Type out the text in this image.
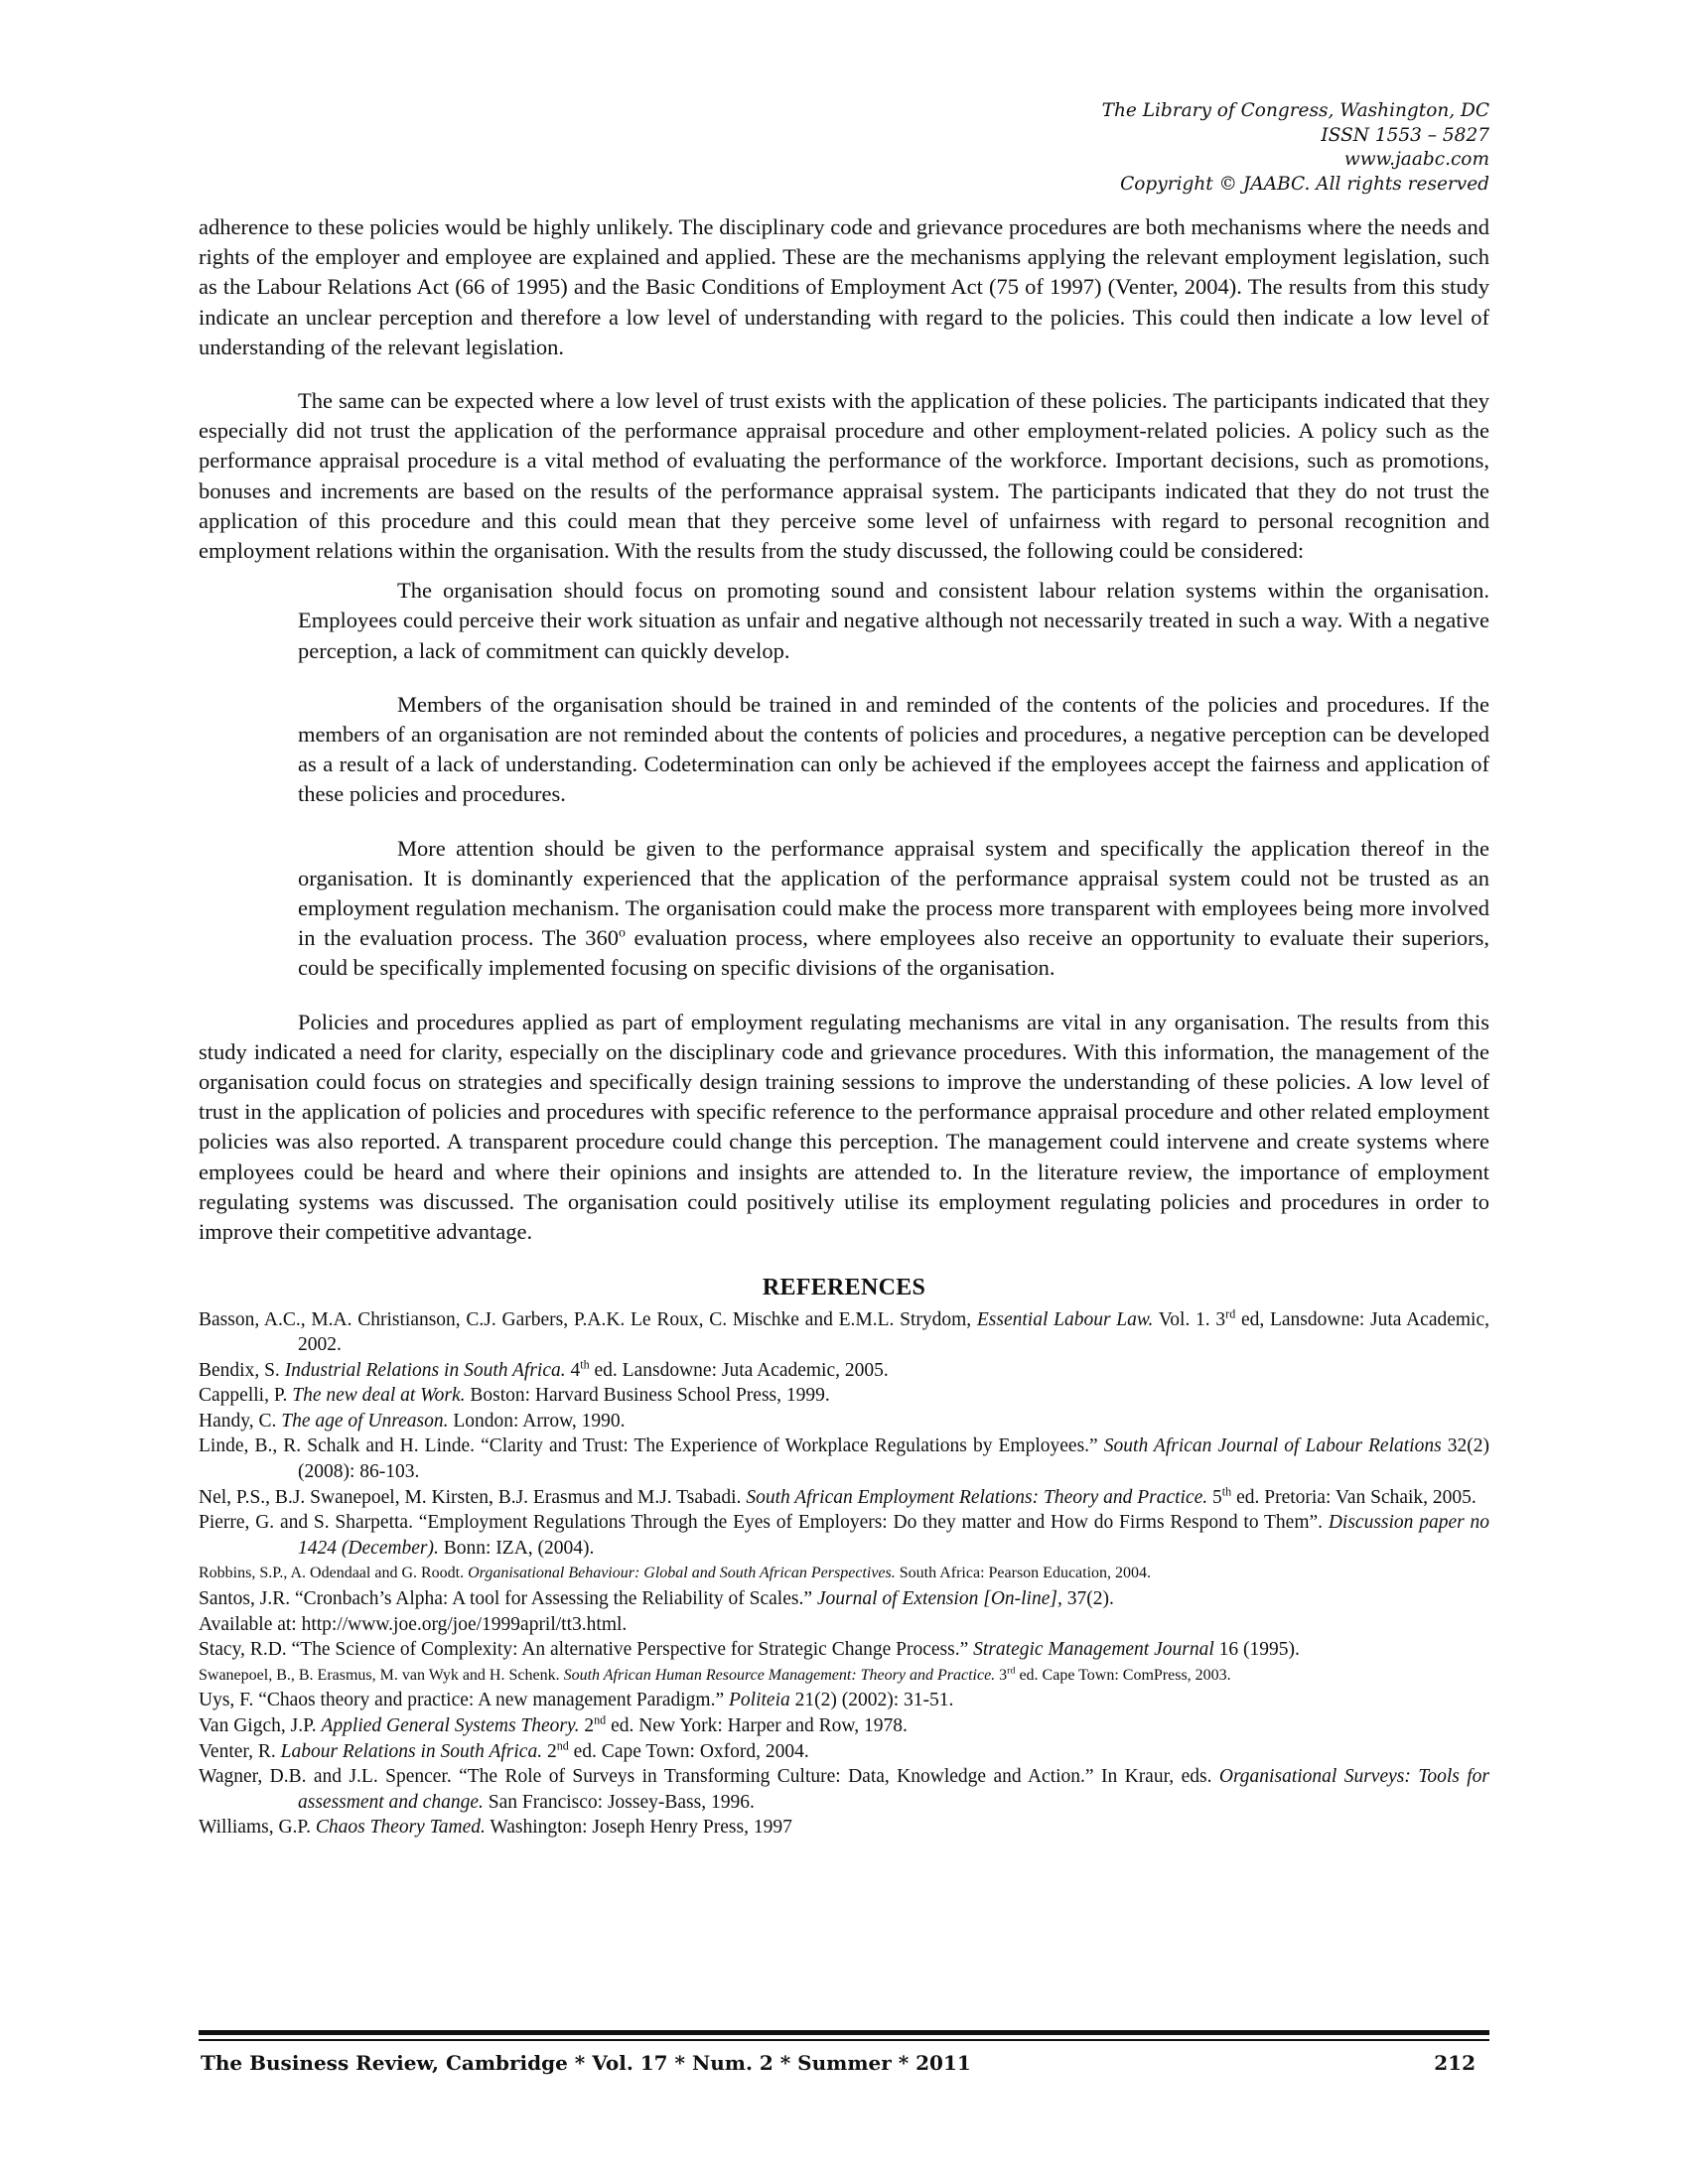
The Library of Congress, Washington, DC
ISSN 1553 – 5827
www.jaabc.com
Copyright © JAABC. All rights reserved

adherence to these policies would be highly unlikely. The disciplinary code and grievance procedures are both mechanisms where the needs and rights of the employer and employee are explained and applied. These are the mechanisms applying the relevant employment legislation, such as the Labour Relations Act (66 of 1995) and the Basic Conditions of Employment Act (75 of 1997) (Venter, 2004). The results from this study indicate an unclear perception and therefore a low level of understanding with regard to the policies. This could then indicate a low level of understanding of the relevant legislation.

The same can be expected where a low level of trust exists with the application of these policies. The participants indicated that they especially did not trust the application of the performance appraisal procedure and other employment-related policies. A policy such as the performance appraisal procedure is a vital method of evaluating the performance of the workforce. Important decisions, such as promotions, bonuses and increments are based on the results of the performance appraisal system. The participants indicated that they do not trust the application of this procedure and this could mean that they perceive some level of unfairness with regard to personal recognition and employment relations within the organisation. With the results from the study discussed, the following could be considered:

The organisation should focus on promoting sound and consistent labour relation systems within the organisation. Employees could perceive their work situation as unfair and negative although not necessarily treated in such a way. With a negative perception, a lack of commitment can quickly develop.

Members of the organisation should be trained in and reminded of the contents of the policies and procedures. If the members of an organisation are not reminded about the contents of policies and procedures, a negative perception can be developed as a result of a lack of understanding. Codetermination can only be achieved if the employees accept the fairness and application of these policies and procedures.

More attention should be given to the performance appraisal system and specifically the application thereof in the organisation. It is dominantly experienced that the application of the performance appraisal system could not be trusted as an employment regulation mechanism. The organisation could make the process more transparent with employees being more involved in the evaluation process. The 360$^o$ evaluation process, where employees also receive an opportunity to evaluate their superiors, could be specifically implemented focusing on specific divisions of the organisation.

Policies and procedures applied as part of employment regulating mechanisms are vital in any organisation. The results from this study indicated a need for clarity, especially on the disciplinary code and grievance procedures. With this information, the management of the organisation could focus on strategies and specifically design training sessions to improve the understanding of these policies. A low level of trust in the application of policies and procedures with specific reference to the performance appraisal procedure and other related employment policies was also reported. A transparent procedure could change this perception. The management could intervene and create systems where employees could be heard and where their opinions and insights are attended to. In the literature review, the importance of employment regulating systems was discussed. The organisation could positively utilise its employment regulating policies and procedures in order to improve their competitive advantage.

REFERENCES
Basson, A.C., M.A. Christianson, C.J. Garbers, P.A.K. Le Roux, C. Mischke and E.M.L. Strydom, Essential Labour Law. Vol. 1. 3rd ed, Lansdowne: Juta Academic, 2002.
Bendix, S. Industrial Relations in South Africa. 4th ed. Lansdowne: Juta Academic, 2005.
Cappelli, P. The new deal at Work. Boston: Harvard Business School Press, 1999.
Handy, C. The age of Unreason. London: Arrow, 1990.
Linde, B., R. Schalk and H. Linde. “Clarity and Trust: The Experience of Workplace Regulations by Employees.” South African Journal of Labour Relations 32(2) (2008): 86-103.
Nel, P.S., B.J. Swanepoel, M. Kirsten, B.J. Erasmus and M.J. Tsabadi. South African Employment Relations: Theory and Practice. 5th ed. Pretoria: Van Schaik, 2005.
Pierre, G. and S. Sharpetta. “Employment Regulations Through the Eyes of Employers: Do they matter and How do Firms Respond to Them”. Discussion paper no 1424 (December). Bonn: IZA, (2004).
Robbins, S.P., A. Odendaal and G. Roodt. Organisational Behaviour: Global and South African Perspectives. South Africa: Pearson Education, 2004.
Santos, J.R. “Cronbach’s Alpha: A tool for Assessing the Reliability of Scales.” Journal of Extension [On-line], 37(2).
Available at: http://www.joe.org/joe/1999april/tt3.html.
Stacy, R.D. “The Science of Complexity: An alternative Perspective for Strategic Change Process.” Strategic Management Journal 16 (1995).
Swanepoel, B., B. Erasmus, M. van Wyk and H. Schenk. South African Human Resource Management: Theory and Practice. 3rd ed. Cape Town: ComPress, 2003.
Uys, F. “Chaos theory and practice: A new management Paradigm.” Politeia 21(2) (2002): 31-51.
Van Gigch, J.P. Applied General Systems Theory. 2nd ed. New York: Harper and Row, 1978.
Venter, R. Labour Relations in South Africa. 2nd ed. Cape Town: Oxford, 2004.
Wagner, D.B. and J.L. Spencer. “The Role of Surveys in Transforming Culture: Data, Knowledge and Action.” In Kraur, eds. Organisational Surveys: Tools for assessment and change. San Francisco: Jossey-Bass, 1996.
Williams, G.P. Chaos Theory Tamed. Washington: Joseph Henry Press, 1997
The Business Review, Cambridge * Vol. 17 * Num. 2 * Summer * 2011	212
